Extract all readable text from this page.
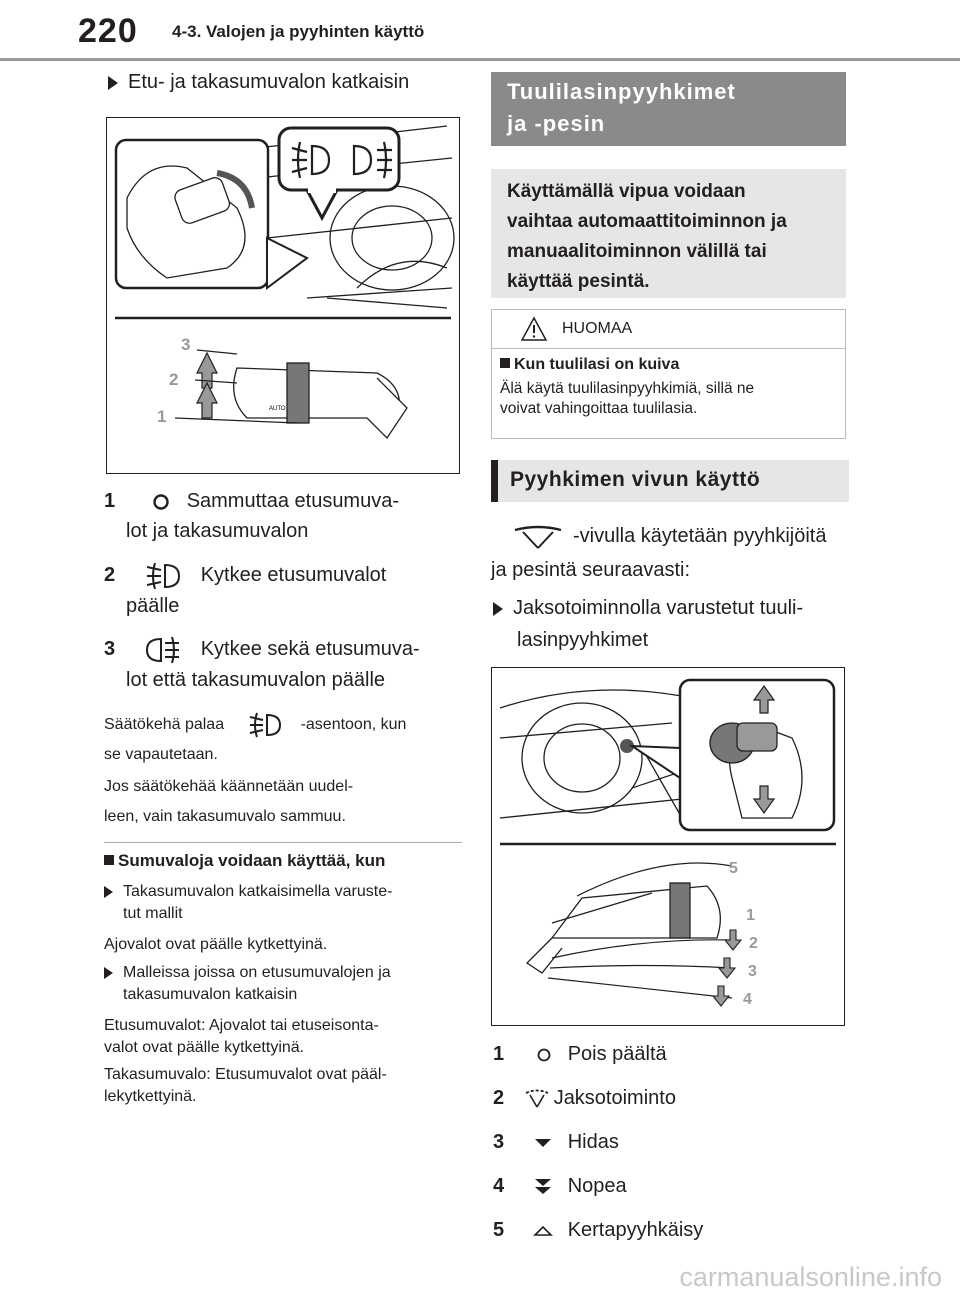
220 4-3. Valojen ja pyyhinten käyttö
Etu- ja takasumuvalon katkaisin
AUTO
3
2
1
1	Sammuttaa etusumuva-
lot ja takasumuvalon
2	Kytkee etusumuvalot
päälle
3	Kytkee sekä etusumuva-
lot että takasumuvalon päälle
Säätökehä palaa	-asentoon, kun
se vapautetaan.
Jos säätökehää käännetään uudel-
leen, vain takasumuvalo sammuu.
Sumuvaloja voidaan käyttää, kun
Takasumuvalon katkaisimella varuste-
tut mallit
Ajovalot ovat päälle kytkettyinä.
Malleissa joissa on etusumuvalojen ja
takasumuvalon katkaisin
Etusumuvalot: Ajovalot tai etuseisonta-
valot ovat päälle kytkettyinä.
Takasumuvalo: Etusumuvalot ovat pääl-
lekytkettyinä.
Tuulilasinpyyhkimet
ja -pesin
Käyttämällä vipua voidaan
vaihtaa automaattitoiminnon ja
manuaalitoiminnon välillä tai
käyttää pesintä.
HUOMAA
Kun tuulilasi on kuiva
Älä käytä tuulilasinpyyhkimiä, sillä ne
voivat vahingoittaa tuulilasia.
Pyyhkimen vivun käyttö
-vivulla käytetään pyyhkijöitä
ja pesintä seuraavasti:
Jaksotoiminnolla varustetut tuuli-
lasinpyyhkimet
5
1
2
3
4
1	Pois päältä
2 Jaksotoiminto
3	Hidas
4	Nopea
5	Kertapyyhkäisy
carmanualsonline.info
